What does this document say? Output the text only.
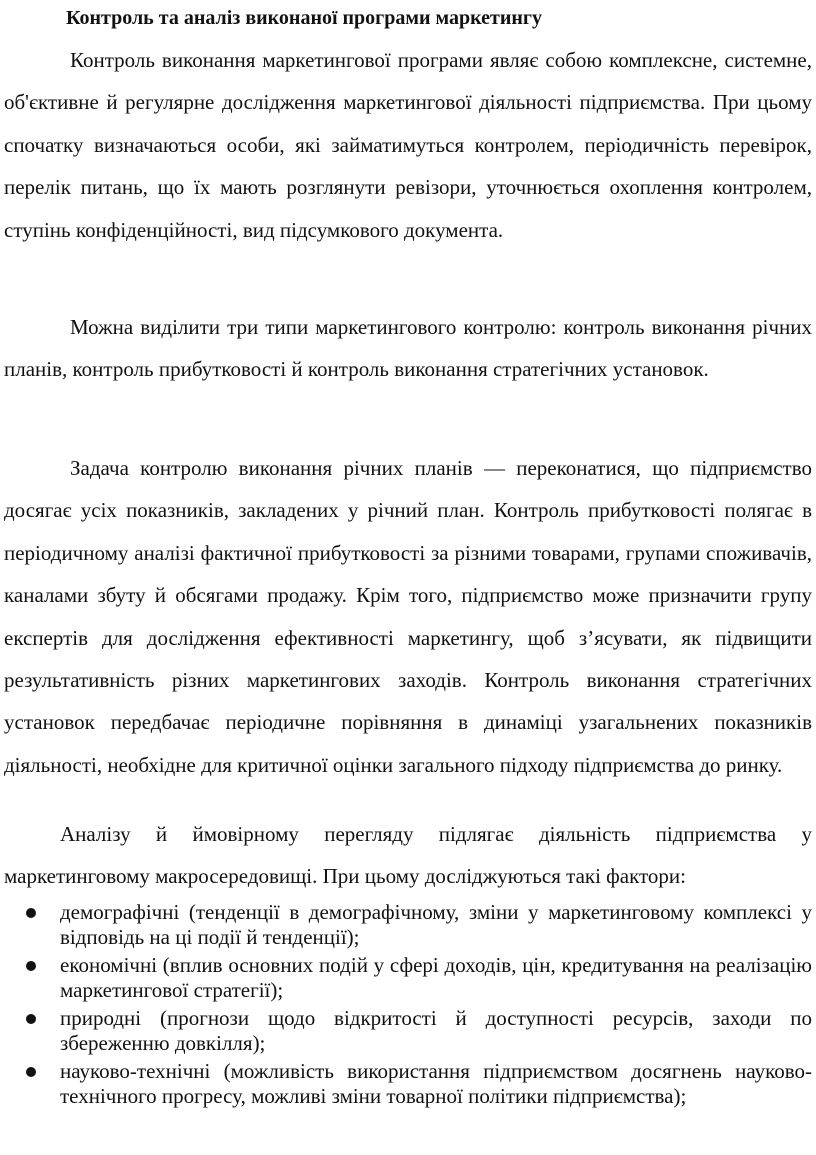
Контроль та аналіз виконаної програми маркетингу

Контроль виконання маркетингової програми являє собою комплексне, системне, об'єктивне й регулярне дослідження маркетингової діяльності підприємства. При цьому спочатку визначаються особи, які займатимуться контролем, періодичність перевірок, перелік питань, що їх мають розглянути ревізори, уточнюється охоплення контролем, ступінь конфіденційності, вид підсумкового документа.

Можна виділити три типи маркетингового контролю: контроль виконання річних планів, контроль прибутковості й контроль виконання стратегічних установок.

Задача контролю виконання річних планів — переконатися, що підприємство досягає усіх показників, закладених у річний план. Контроль прибутковості полягає в періодичному аналізі фактичної прибутковості за різними товарами, групами споживачів, каналами збуту й обсягами продажу. Крім того, підприємство може призначити групу експертів для дослідження ефективності маркетингу, щоб з’ясувати, як підвищити результативність різних маркетингових заходів. Контроль виконання стратегічних установок передбачає періодичне порівняння в динаміці узагальнених показників діяльності, необхідне для критичної оцінки загального підходу підприємства до ринку.

Аналізу й ймовірному перегляду підлягає діяльність підприємства у маркетинговому макросередовищі. При цьому досліджуються такі фактори:

демографічні (тенденції в демографічному, зміни у маркетинговому комплексі у відповідь на ці події й тенденції);
економічні (вплив основних подій у сфері доходів, цін, кредитування на реалізацію маркетингової стратегії);
природні (прогнози щодо відкритості й доступності ресурсів, заходи по збереженню довкілля);
науково-технічні (можливість використання підприємством досягнень науково-технічного прогресу, можливі зміни товарної політики підприємства);
